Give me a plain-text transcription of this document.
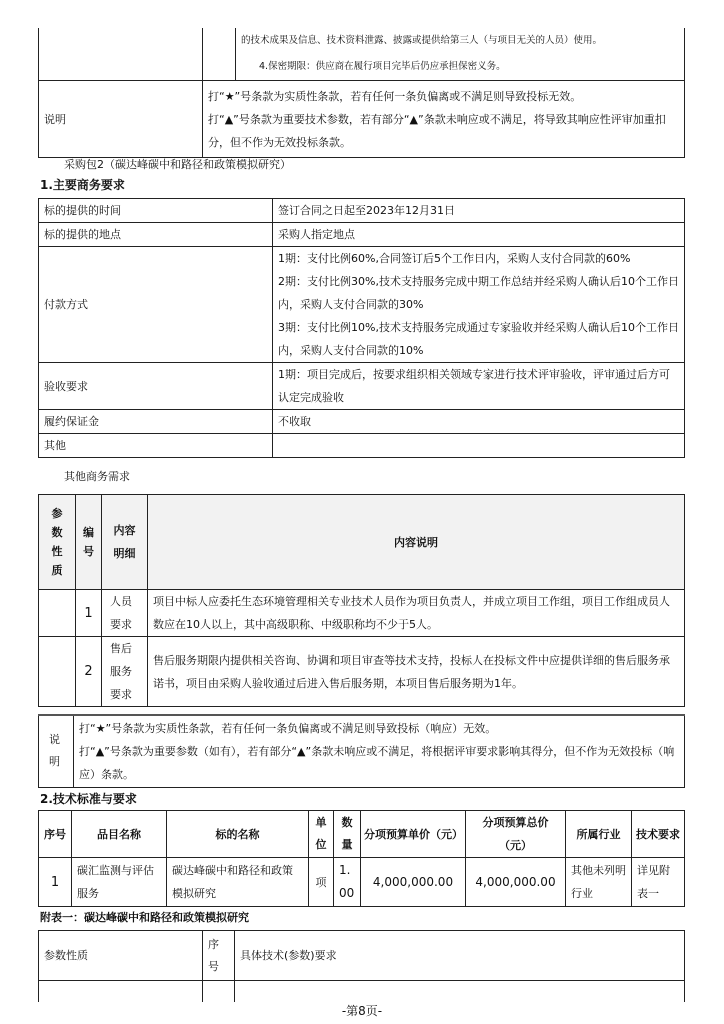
		的技术成果及信息、技术资料泄露、披露或提供给第三人（与项目无关的人员）使用。
4.保密期限：供应商在履行项目完毕后仍应承担保密义务。

说明	打“★”号条款为实质性条款，若有任何一条负偏离或不满足则导致投标无效。
打“▲”号条款为重要技术参数，若有部分“▲”条款未响应或不满足，将导致其响应性评审加重扣分，但不作为无效投标条款。	
采购包2（碳达峰碳中和路径和政策模拟研究）
1.主要商务要求
标的提供的时间	签订合同之日起至2023年12月31日
标的提供的地点	采购人指定地点
付款方式	1期：支付比例60%,合同签订后5个工作日内，采购人支付合同款的60%
2期：支付比例30%,技术支持服务完成中期工作总结并经采购人确认后10个工作日内，采购人支付合同款的30%
3期：支付比例10%,技术支持服务完成通过专家验收并经采购人确认后10个工作日内，采购人支付合同款的10%
验收要求	1期：项目完成后，按要求组织相关领域专家进行技术评审验收，评审通过后方可认定完成验收
履约保证金	不收取
其他	
其他商务需求
参数性质	编号	内容明细	内容说明
	1	人员要求	项目中标人应委托生态环境管理相关专业技术人员作为项目负责人，并成立项目工作组，项目工作组成员人数应在10人以上，其中高级职称、中级职称均不少于5人。
	2	售后服务要求	售后服务期限内提供相关咨询、协调和项目审查等技术支持，投标人在投标文件中应提供详细的售后服务承诺书，项目由采购人验收通过后进入售后服务期，本项目售后服务期为1年。
说明	
打“★”号条款为实质性条款，若有任何一条负偏离或不满足则导致投标（响应）无效。
打“▲”号条款为重要参数（如有），若有部分“▲”条款未响应或不满足，将根据评审要求影响其得分，但不作为无效投标（响应）条款。
2.技术标准与要求
序号	品目名称	标的名称	单位	数量	分项预算单价（元）	分项预算总价（元）	所属行业	技术要求
1	碳汇监测与评估服务	碳达峰碳中和路径和政策模拟研究	项	1.00	4,000,000.00	4,000,000.00	其他未列明行业	详见附表一
附表一：碳达峰碳中和路径和政策模拟研究
参数性质	序号	具体技术(参数)要求

-第8页-
